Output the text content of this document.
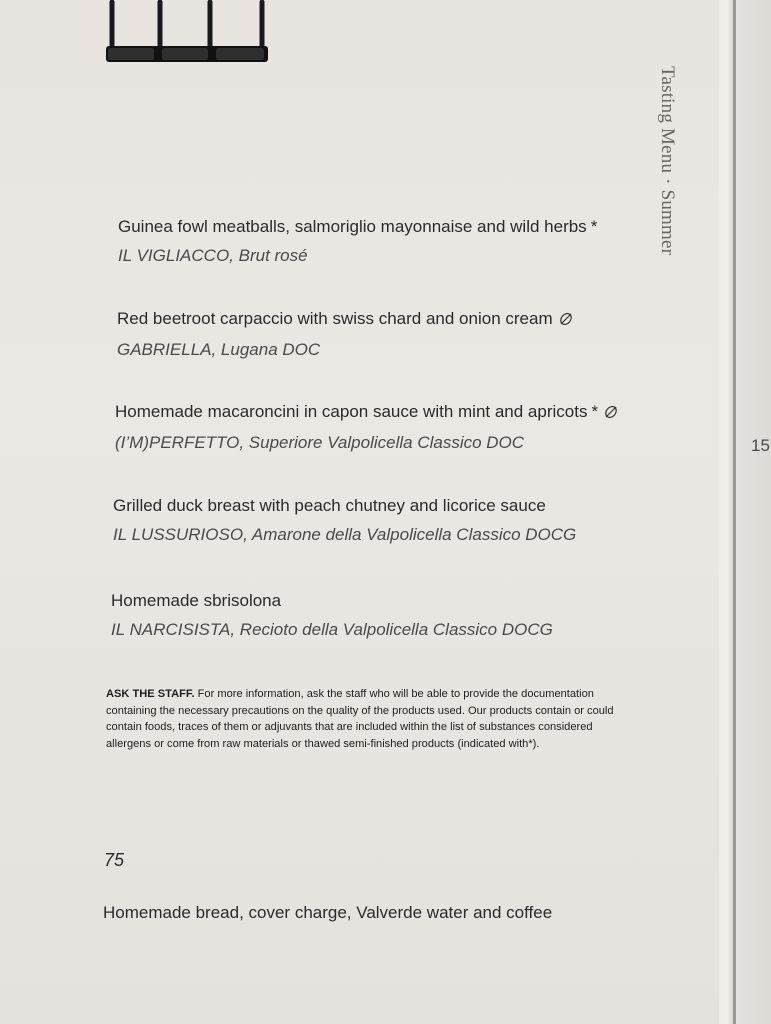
15
Tasting Menu · Summer
Guinea fowl meatballs, salmoriglio mayonnaise and wild herbs *
IL VIGLIACCO, Brut rosé
Red beetroot carpaccio with swiss chard and onion cream
GABRIELLA, Lugana DOC
Homemade macaroncini in capon sauce with mint and apricots *
(I’M)PERFETTO, Superiore Valpolicella Classico DOC
Grilled duck breast with peach chutney and licorice sauce
IL LUSSURIOSO, Amarone della Valpolicella Classico DOCG
Homemade sbrisolona
IL NARCISISTA, Recioto della Valpolicella Classico DOCG
ASK THE STAFF. For more information, ask the staff who will be able to provide the documentation containing the necessary precautions on the quality of the products used. Our products contain or could contain foods, traces of them or adjuvants that are included within the list of substances considered allergens or come from raw materials or thawed semi-finished products (indicated with*).
75
Homemade bread, cover charge, Valverde water and coffee
